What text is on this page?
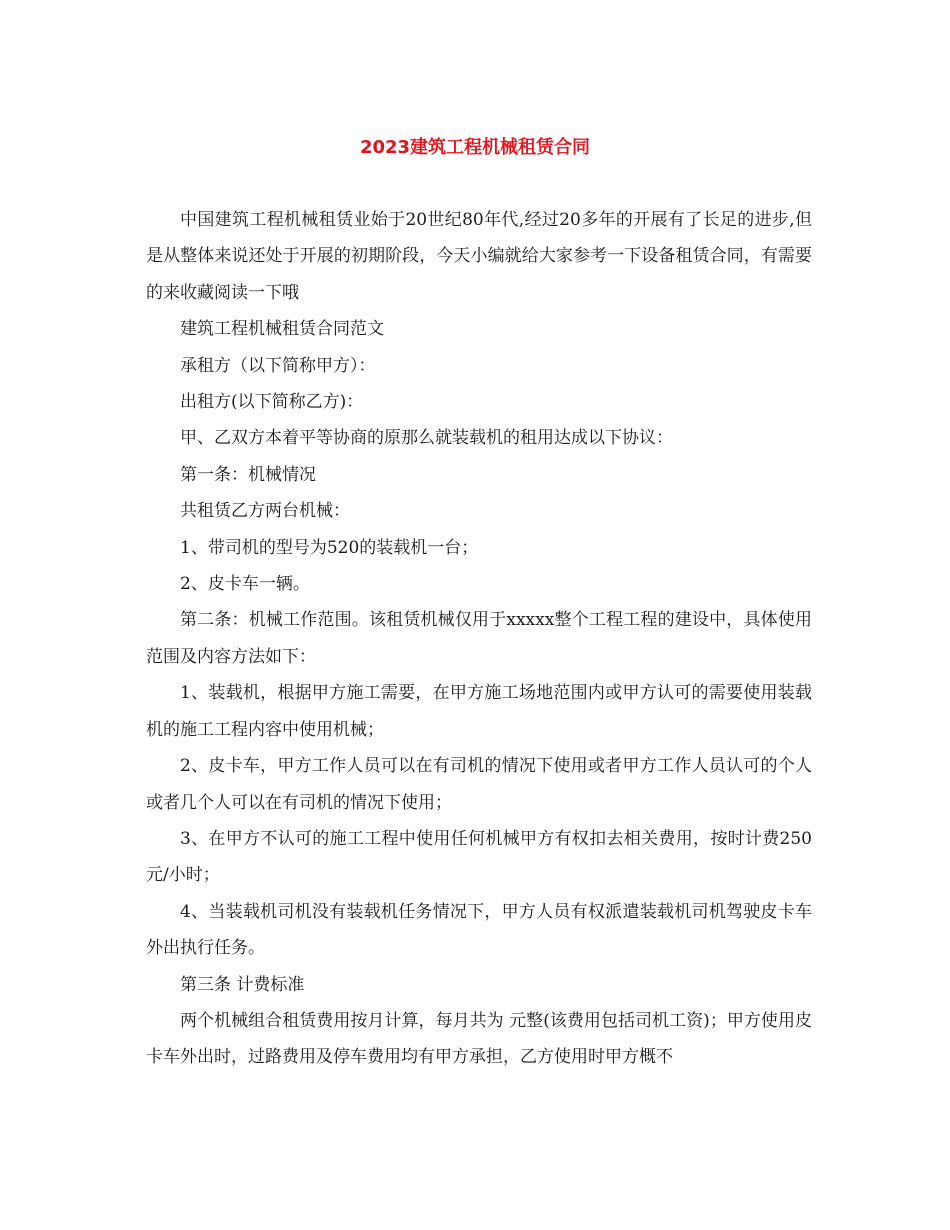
2023建筑工程机械租赁合同

中国建筑工程机械租赁业始于20世纪80年代,经过20多年的开展有了长足的进步,但是从整体来说还处于开展的初期阶段，今天小编就给大家参考一下设备租赁合同，有需要的来收藏阅读一下哦

建筑工程机械租赁合同范文

承租方（以下简称甲方）：

出租方(以下简称乙方)：

甲、乙双方本着平等协商的原那么就装载机的租用达成以下协议：

第一条：机械情况

共租赁乙方两台机械：

1、带司机的型号为520的装载机一台；

2、皮卡车一辆。

第二条：机械工作范围。该租赁机械仅用于xxxxx整个工程工程的建设中，具体使用范围及内容方法如下：

1、装载机，根据甲方施工需要，在甲方施工场地范围内或甲方认可的需要使用装载机的施工工程内容中使用机械；

2、皮卡车，甲方工作人员可以在有司机的情况下使用或者甲方工作人员认可的个人或者几个人可以在有司机的情况下使用；

3、在甲方不认可的施工工程中使用任何机械甲方有权扣去相关费用，按时计费250元/小时；

4、当装载机司机没有装载机任务情况下，甲方人员有权派遣装载机司机驾驶皮卡车外出执行任务。

第三条 计费标准

两个机械组合租赁费用按月计算，每月共为 元整(该费用包括司机工资)；甲方使用皮卡车外出时，过路费用及停车费用均有甲方承担，乙方使用时甲方概不
